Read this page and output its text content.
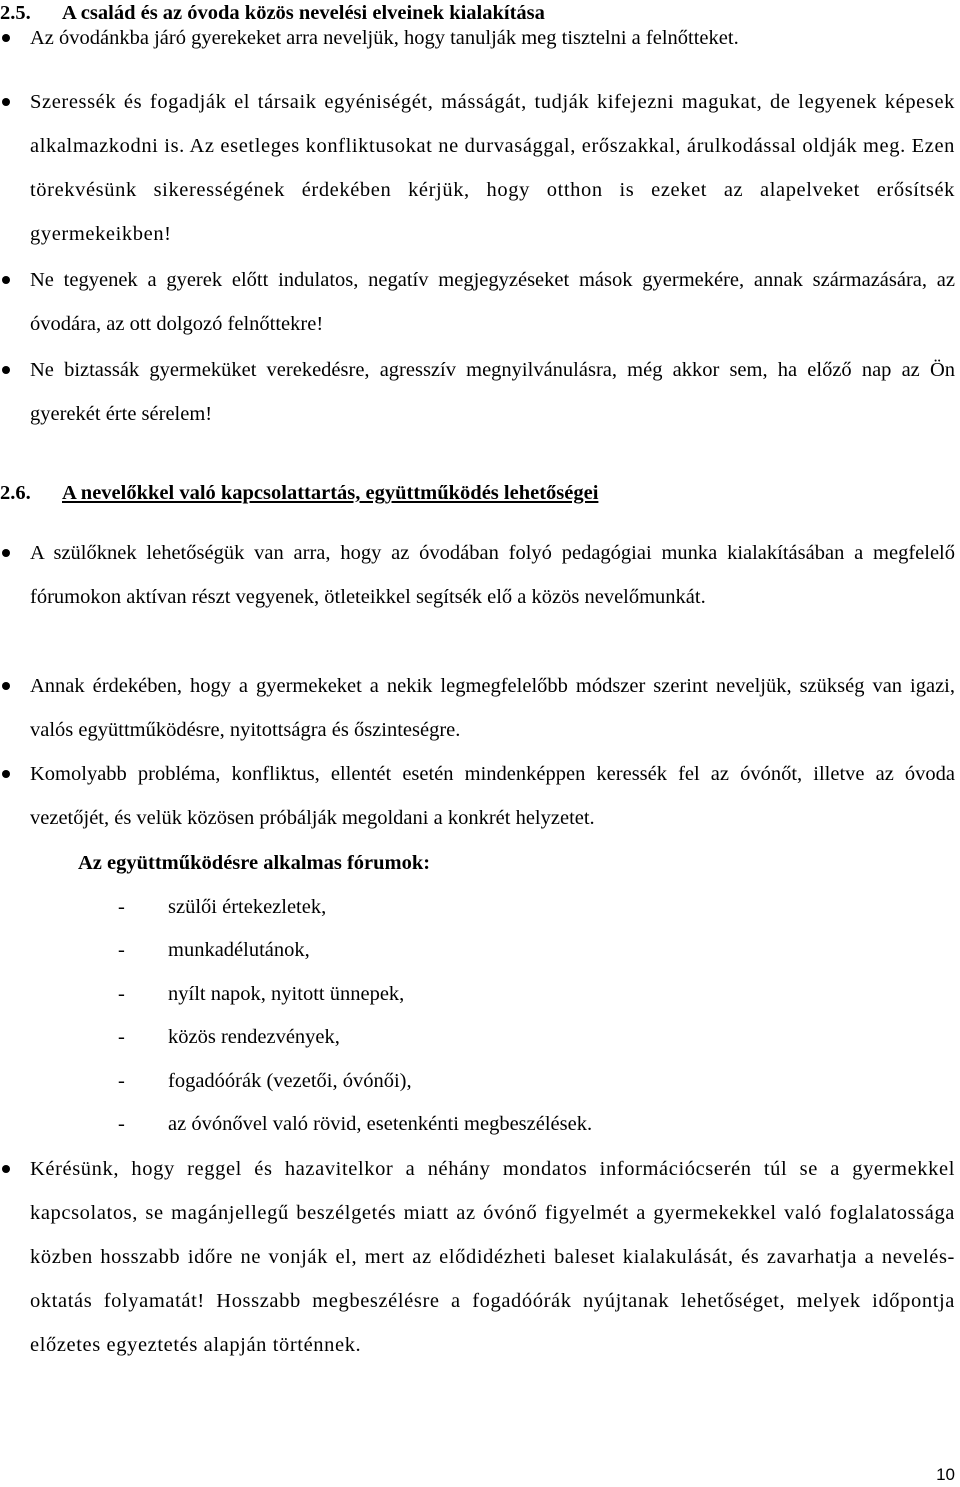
2.5. A család és az óvoda közös nevelési elveinek kialakítása
Az óvodánkba járó gyerekeket arra neveljük, hogy tanulják meg tisztelni a felnőtteket.
Szeressék és fogadják el társaik egyéniségét, másságát, tudják kifejezni magukat, de legyenek képesek alkalmazkodni is. Az esetleges konfliktusokat ne durvasággal, erőszakkal, árulkodással oldják meg. Ezen törekvésünk sikerességének érdekében kérjük, hogy otthon is ezeket az alapelveket erősítsék gyermekeikben!
Ne tegyenek a gyerek előtt indulatos, negatív megjegyzéseket mások gyermekére, annak származására, az óvodára, az ott dolgozó felnőttekre!
Ne biztassák gyermeküket verekedésre, agresszív megnyilvánulásra, még akkor sem, ha előző nap az Ön gyerekét érte sérelem!
2.6. A nevelőkkel való kapcsolattartás, együttműködés lehetőségei
A szülőknek lehetőségük van arra, hogy az óvodában folyó pedagógiai munka kialakításában a megfelelő fórumokon aktívan részt vegyenek, ötleteikkel segítsék elő a közös nevelőmunkát.
Annak érdekében, hogy a gyermekeket a nekik legmegfelelőbb módszer szerint neveljük, szükség van igazi, valós együttműködésre, nyitottságra és őszinteségre.
Komolyabb probléma, konfliktus, ellentét esetén mindenképpen keressék fel az óvónőt, illetve az óvoda vezetőjét, és velük közösen próbálják megoldani a konkrét helyzetet.
Az együttműködésre alkalmas fórumok:
- szülői értekezletek,
- munkadélutánok,
- nyílt napok, nyitott ünnepek,
- közös rendezvények,
- fogadóórák (vezetői, óvónői),
- az óvónővel való rövid, esetenkénti megbeszélések.
Kérésünk, hogy reggel és hazavitelkor a néhány mondatos információcserén túl se a gyermekkel kapcsolatos, se magánjellegű beszélgetés miatt az óvónő figyelmét a gyermekekkel való foglalatossága közben hosszabb időre ne vonják el, mert az elődidézheti baleset kialakulását, és zavarhatja a nevelés-oktatás folyamatát! Hosszabb megbeszélésre a fogadóórák nyújtanak lehetőséget, melyek időpontja előzetes egyeztetés alapján történnek.
10
